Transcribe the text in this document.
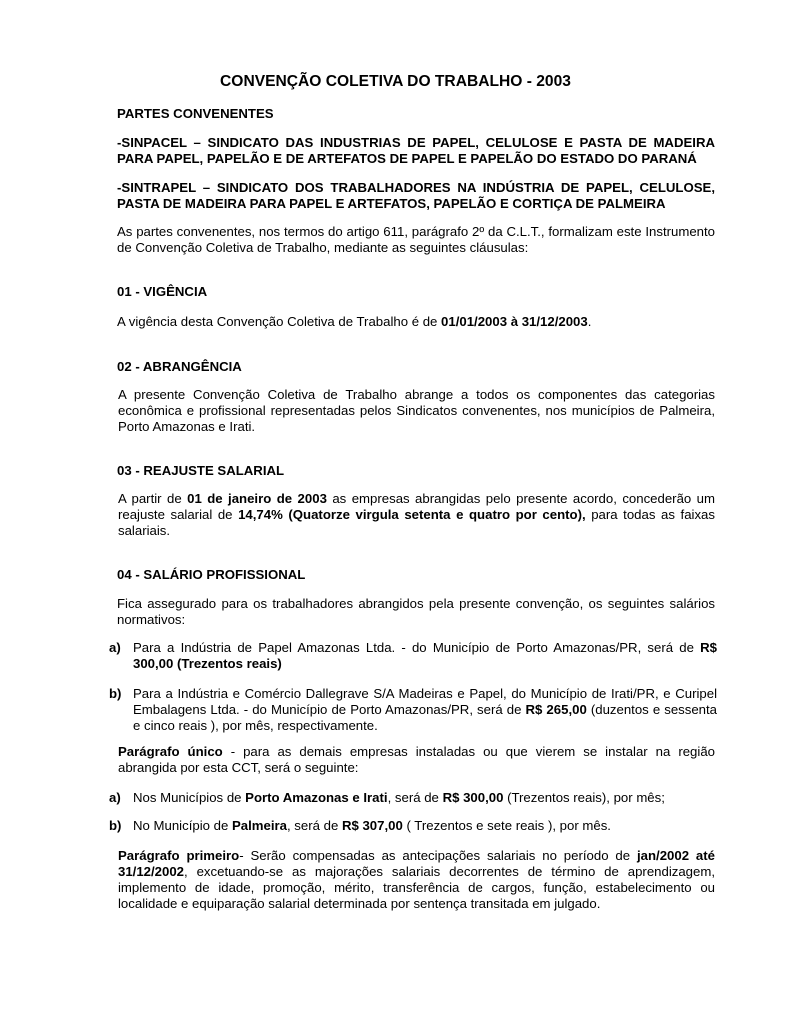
CONVENÇÃO COLETIVA DO TRABALHO - 2003

PARTES CONVENENTES

-SINPACEL – SINDICATO DAS INDUSTRIAS DE PAPEL, CELULOSE E PASTA DE MADEIRA PARA PAPEL, PAPELÃO E DE ARTEFATOS DE PAPEL E PAPELÃO DO ESTADO DO PARANÁ

-SINTRAPEL – SINDICATO DOS TRABALHADORES NA INDÚSTRIA DE PAPEL, CELULOSE, PASTA DE MADEIRA PARA PAPEL E ARTEFATOS, PAPELÃO E CORTIÇA DE PALMEIRA

As partes convenentes, nos termos do artigo 611, parágrafo 2º da C.L.T., formalizam este Instrumento de Convenção Coletiva de Trabalho, mediante as seguintes cláusulas:

01 - VIGÊNCIA

A vigência desta Convenção Coletiva de Trabalho é de 01/01/2003 à 31/12/2003.

02 - ABRANGÊNCIA

A presente Convenção Coletiva de Trabalho abrange a todos os componentes das categorias econômica e profissional representadas pelos Sindicatos convenentes, nos municípios de Palmeira, Porto Amazonas e Irati.

03 - REAJUSTE SALARIAL

A partir de 01 de janeiro de 2003 as empresas abrangidas pelo presente acordo, concederão um reajuste salarial de 14,74% (Quatorze virgula setenta e quatro por cento), para todas as faixas salariais.

04 - SALÁRIO PROFISSIONAL

Fica assegurado para os trabalhadores abrangidos pela presente convenção, os seguintes salários normativos:

a) Para a Indústria de Papel Amazonas Ltda. - do Município de Porto Amazonas/PR, será de R$ 300,00 (Trezentos reais)

b) Para a Indústria e Comércio Dallegrave S/A Madeiras e Papel, do Município de Irati/PR, e Curipel Embalagens Ltda. - do Município de Porto Amazonas/PR, será de R$ 265,00 (duzentos e sessenta e cinco reais ), por mês, respectivamente.

Parágrafo único - para as demais empresas instaladas ou que vierem se instalar na região abrangida por esta CCT, será o seguinte:

a) Nos Municípios de Porto Amazonas e Irati, será de R$ 300,00 (Trezentos reais), por mês;

b) No Município de Palmeira, será de R$ 307,00 ( Trezentos e sete reais ), por mês.

Parágrafo primeiro- Serão compensadas as antecipações salariais no período de jan/2002 até 31/12/2002, excetuando-se as majorações salariais decorrentes de término de aprendizagem, implemento de idade, promoção, mérito, transferência de cargos, função, estabelecimento ou localidade e equiparação salarial determinada por sentença transitada em julgado.
